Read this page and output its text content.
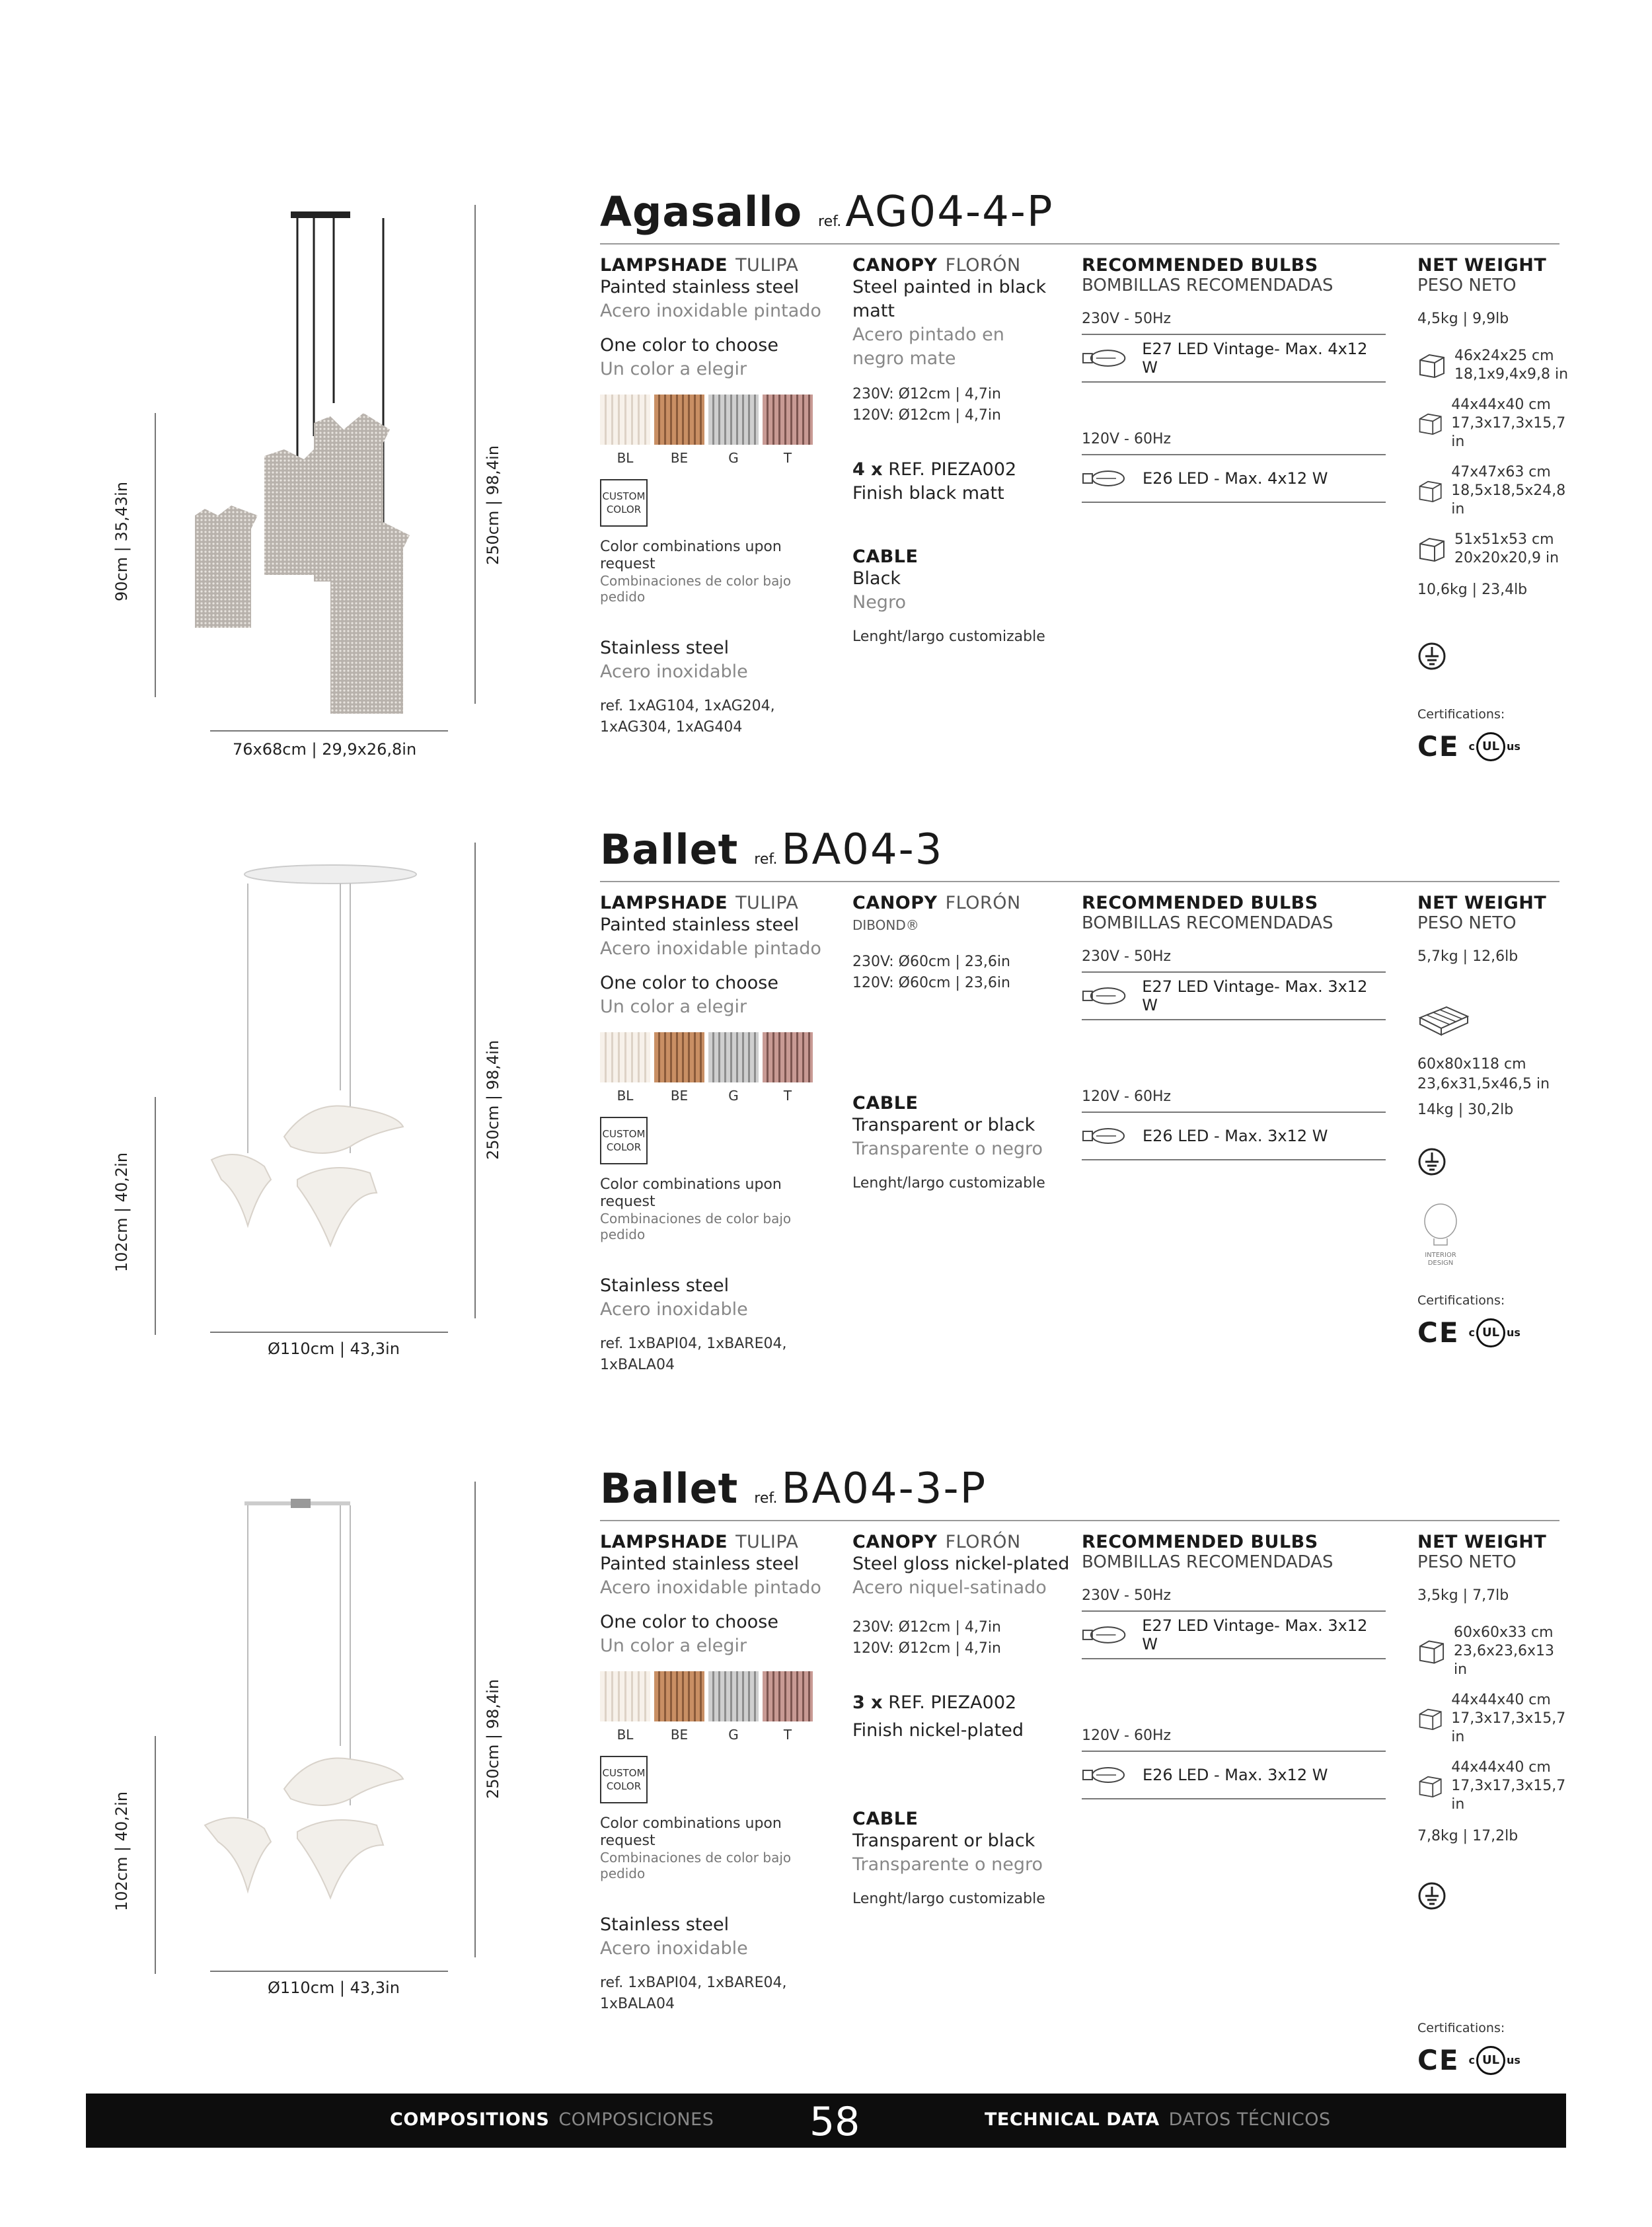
90cm | 35,43in	250cm | 98,4in
76x68cm | 29,9x26,8in
Agasallo ref.AG04-4-P
LAMPSHADE TULIPA
Painted stainless steel
Acero inoxidable pintado
One color to choose
Un color a elegir
BL	BE	G	T
CUSTOM COLOR
Color combinations upon request
Combinaciones de color bajo pedido
Stainless steel
Acero inoxidable
ref. 1xAG104, 1xAG204, 1xAG304, 1xAG404
CANOPY FLORÓN
Steel painted in black matt
Acero pintado en negro mate
230V: Ø12cm | 4,7in
120V: Ø12cm | 4,7in
4 x REF. PIEZA002
Finish black matt
CABLE
Black
Negro
Lenght/largo customizable
RECOMMENDED BULBS
BOMBILLAS RECOMENDADAS
230V - 50Hz
E27 LED Vintage- Max. 4x12 W
120V - 60Hz
E26 LED - Max. 4x12 W
NET WEIGHT
PESO NETO
4,5kg | 9,9lb
46x24x25 cm
18,1x9,4x9,8 in
44x44x40 cm
17,3x17,3x15,7 in
47x47x63 cm
18,5x18,5x24,8 in
51x51x53 cm
20x20x20,9 in
10,6kg | 23,4lb
Certifications:
CE c UL us
102cm | 40,2in
250cm | 98,4in
Ø110cm | 43,3in
Ballet ref.BA04-3
LAMPSHADE TULIPA
Painted stainless steel
Acero inoxidable pintado
One color to choose
Un color a elegir
BL	BE	G	T
CUSTOM COLOR
Color combinations upon request
Combinaciones de color bajo pedido
Stainless steel
Acero inoxidable
ref. 1xBAPI04, 1xBARE04, 1xBALA04
CANOPY FLORÓN
DIBOND®
230V: Ø60cm | 23,6in
120V: Ø60cm | 23,6in
CABLE
Transparent or black
Transparente o negro
Lenght/largo customizable
RECOMMENDED BULBS
BOMBILLAS RECOMENDADAS
230V - 50Hz
E27 LED Vintage- Max. 3x12 W
120V - 60Hz
E26 LED - Max. 3x12 W
NET WEIGHT
PESO NETO
5,7kg | 12,6lb
60x80x118 cm
23,6x31,5x46,5 in
14kg | 30,2lb
INTERIOR DESIGN
Certifications:
CE c UL us
102cm | 40,2in
250cm | 98,4in
Ø110cm | 43,3in
Ballet ref.BA04-3-P
LAMPSHADE TULIPA
Painted stainless steel
Acero inoxidable pintado
One color to choose
Un color a elegir
BL	BE	G	T
CUSTOM COLOR
Color combinations upon request
Combinaciones de color bajo pedido
Stainless steel
Acero inoxidable
ref. 1xBAPI04, 1xBARE04, 1xBALA04
CANOPY FLORÓN
Steel gloss nickel-plated
Acero niquel-satinado
230V: Ø12cm | 4,7in
120V: Ø12cm | 4,7in
3 x REF. PIEZA002
Finish nickel-plated
CABLE
Transparent or black
Transparente o negro
Lenght/largo customizable
RECOMMENDED BULBS
BOMBILLAS RECOMENDADAS
230V - 50Hz
E27 LED Vintage- Max. 3x12 W
120V - 60Hz
E26 LED - Max. 3x12 W
NET WEIGHT
PESO NETO
3,5kg | 7,7lb
60x60x33 cm
23,6x23,6x13 in
44x44x40 cm
17,3x17,3x15,7 in
44x44x40 cm
17,3x17,3x15,7 in
7,8kg | 17,2lb
Certifications:
CE c UL us
COMPOSITIONS COMPOSICIONES 58	TECHNICAL DATA DATOS TÉCNICOS
